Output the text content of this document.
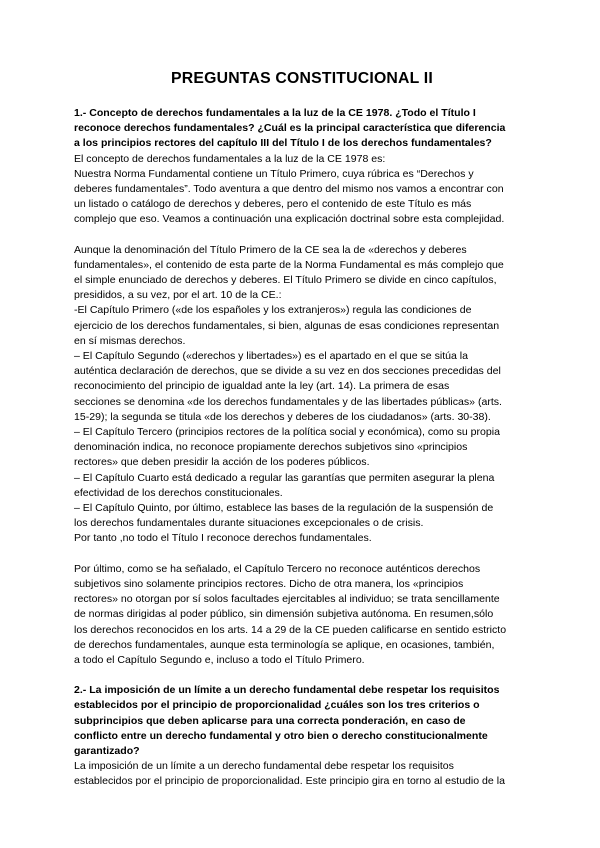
PREGUNTAS CONSTITUCIONAL II
1.- Concepto de derechos fundamentales a la luz de la CE 1978. ¿Todo el Título I
reconoce derechos fundamentales? ¿Cuál es la principal característica que diferencia
a los principios rectores del capítulo III del Título I de los derechos fundamentales?
El concepto de derechos fundamentales a la luz de la CE 1978 es:
Nuestra Norma Fundamental contiene un Título Primero, cuya rúbrica es “Derechos y
deberes fundamentales”. Todo aventura a que dentro del mismo nos vamos a encontrar con
un listado o catálogo de derechos y deberes, pero el contenido de este Título es más
complejo que eso. Veamos a continuación una explicación doctrinal sobre esta complejidad.
Aunque la denominación del Título Primero de la CE sea la de «derechos y deberes
fundamentales», el contenido de esta parte de la Norma Fundamental es más complejo que
el simple enunciado de derechos y deberes. El Título Primero se divide en cinco capítulos,
presididos, a su vez, por el art. 10 de la CE.:
-El Capítulo Primero («de los españoles y los extranjeros») regula las condiciones de
ejercicio de los derechos fundamentales, si bien, algunas de esas condiciones representan
en sí mismas derechos.
– El Capítulo Segundo («derechos y libertades») es el apartado en el que se sitúa la
auténtica declaración de derechos, que se divide a su vez en dos secciones precedidas del
reconocimiento del principio de igualdad ante la ley (art. 14). La primera de esas
secciones se denomina «de los derechos fundamentales y de las libertades públicas» (arts.
15-29); la segunda se titula «de los derechos y deberes de los ciudadanos» (arts. 30-38).
– El Capítulo Tercero (principios rectores de la política social y económica), como su propia
denominación indica, no reconoce propiamente derechos subjetivos sino «principios
rectores» que deben presidir la acción de los poderes públicos.
– El Capítulo Cuarto está dedicado a regular las garantías que permiten asegurar la plena
efectividad de los derechos constitucionales.
– El Capítulo Quinto, por último, establece las bases de la regulación de la suspensión de
los derechos fundamentales durante situaciones excepcionales o de crisis.
Por tanto ,no todo el Título I reconoce derechos fundamentales.
Por último, como se ha señalado, el Capítulo Tercero no reconoce auténticos derechos
subjetivos sino solamente principios rectores. Dicho de otra manera, los «principios
rectores» no otorgan por sí solos facultades ejercitables al individuo; se trata sencillamente
de normas dirigidas al poder público, sin dimensión subjetiva autónoma. En resumen,sólo
los derechos reconocidos en los arts. 14 a 29 de la CE pueden calificarse en sentido estricto
de derechos fundamentales, aunque esta terminología se aplique, en ocasiones, también,
a todo el Capítulo Segundo e, incluso a todo el Título Primero.
2.- La imposición de un límite a un derecho fundamental debe respetar los requisitos
establecidos por el principio de proporcionalidad ¿cuáles son los tres criterios o
subprincipios que deben aplicarse para una correcta ponderación, en caso de
conflicto entre un derecho fundamental y otro bien o derecho constitucionalmente
garantizado?
La imposición de un límite a un derecho fundamental debe respetar los requisitos
establecidos por el principio de proporcionalidad. Este principio gira en torno al estudio de la
